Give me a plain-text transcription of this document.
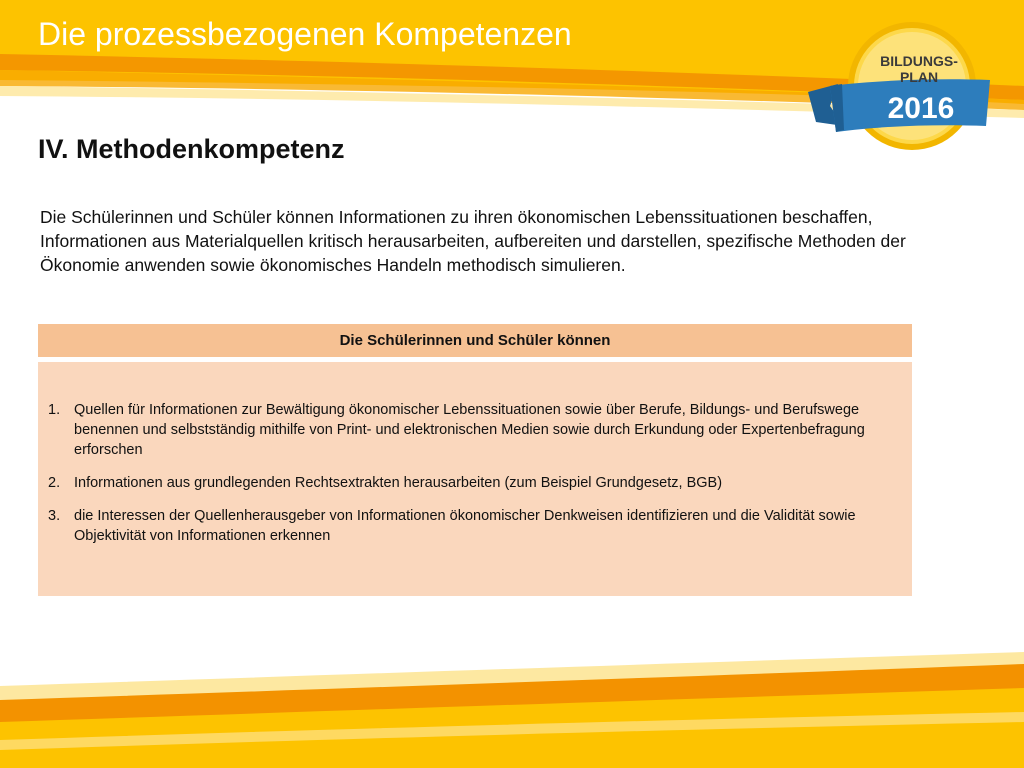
Die prozessbezogenen Kompetenzen
BILDUNGS-
PLAN
2016
IV. Methodenkompetenz

Die Schülerinnen und Schüler können Informationen zu ihren ökonomischen Lebenssituationen beschaffen, Informationen aus Materialquellen kritisch herausarbeiten, aufbereiten und darstellen, spezifische Methoden der Ökonomie anwenden sowie ökonomisches Handeln methodisch simulieren.

Die Schülerinnen und Schüler können
1. Quellen für Informationen zur Bewältigung ökonomischer Lebenssituationen sowie über Berufe, Bildungs- und Berufswege benennen und selbstständig mithilfe von Print- und elektronischen Medien sowie durch Erkundung oder Expertenbefragung erforschen
2. Informationen aus grundlegenden Rechtsextrakten herausarbeiten (zum Beispiel Grundgesetz, BGB)
3. die Interessen der Quellenherausgeber von Informationen ökonomischer Denkweisen identifizieren und die Validität sowie Objektivität von Informationen erkennen
